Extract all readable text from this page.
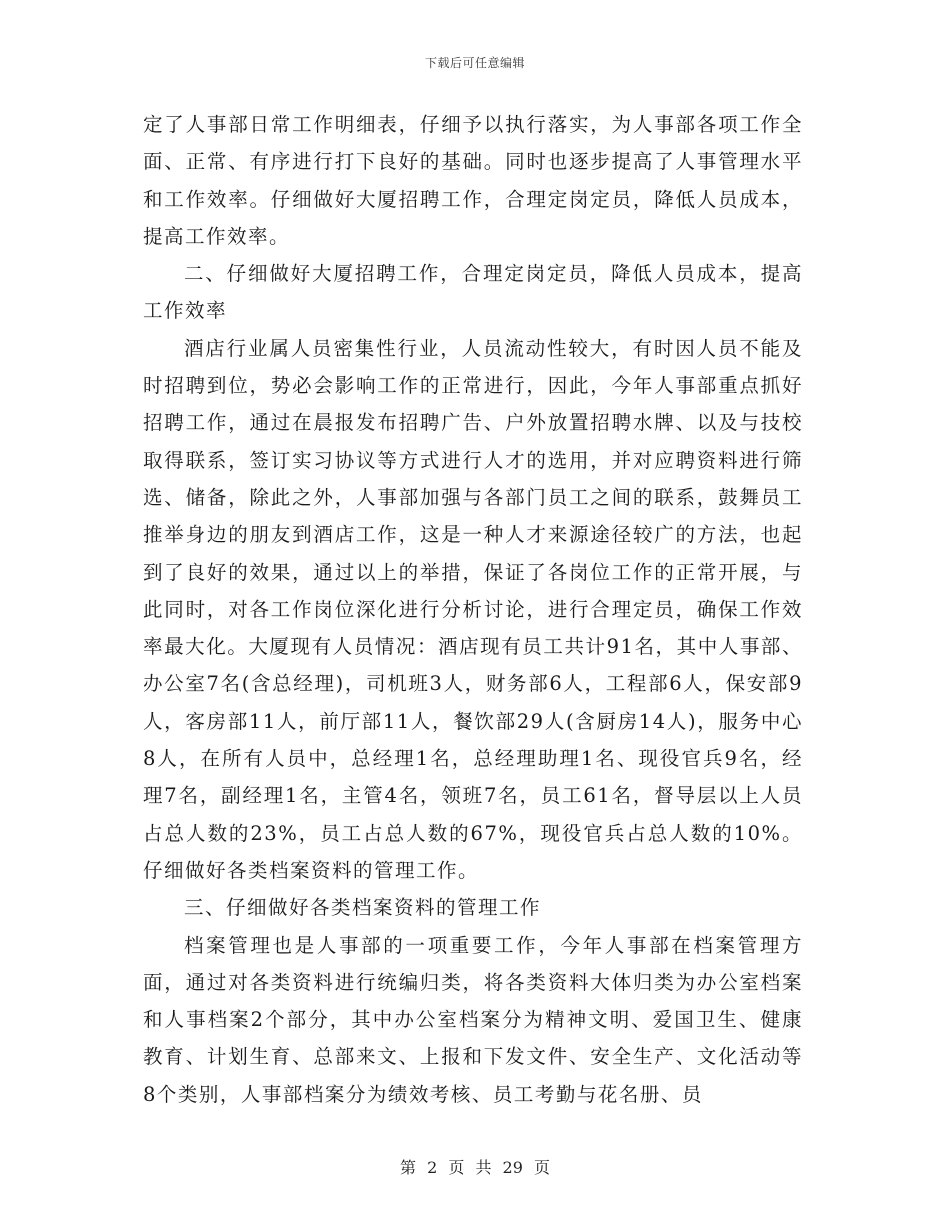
下载后可任意编辑

定了人事部日常工作明细表，仔细予以执行落实，为人事部各项工作全面、正常、有序进行打下良好的基础。同时也逐步提高了人事管理水平和工作效率。仔细做好大厦招聘工作，合理定岗定员，降低人员成本，提高工作效率。

二、仔细做好大厦招聘工作，合理定岗定员，降低人员成本，提高工作效率

酒店行业属人员密集性行业，人员流动性较大，有时因人员不能及时招聘到位，势必会影响工作的正常进行，因此，今年人事部重点抓好招聘工作，通过在晨报发布招聘广告、户外放置招聘水牌、以及与技校取得联系，签订实习协议等方式进行人才的选用，并对应聘资料进行筛选、储备，除此之外，人事部加强与各部门员工之间的联系，鼓舞员工推举身边的朋友到酒店工作，这是一种人才来源途径较广的方法，也起到了良好的效果，通过以上的举措，保证了各岗位工作的正常开展，与此同时，对各工作岗位深化进行分析讨论，进行合理定员，确保工作效率最大化。大厦现有人员情况：酒店现有员工共计91名，其中人事部、办公室7名(含总经理)，司机班3人，财务部6人，工程部6人，保安部9人，客房部11人，前厅部11人，餐饮部29人(含厨房14人)，服务中心8人，在所有人员中，总经理1名，总经理助理1名、现役官兵9名，经理7名，副经理1名，主管4名，领班7名，员工61名，督导层以上人员占总人数的23%，员工占总人数的67%，现役官兵占总人数的10%。仔细做好各类档案资料的管理工作。

三、仔细做好各类档案资料的管理工作

档案管理也是人事部的一项重要工作，今年人事部在档案管理方面，通过对各类资料进行统编归类，将各类资料大体归类为办公室档案和人事档案2个部分，其中办公室档案分为精神文明、爱国卫生、健康教育、计划生育、总部来文、上报和下发文件、安全生产、文化活动等8个类别，人事部档案分为绩效考核、员工考勤与花名册、员

第 2 页 共 29 页
